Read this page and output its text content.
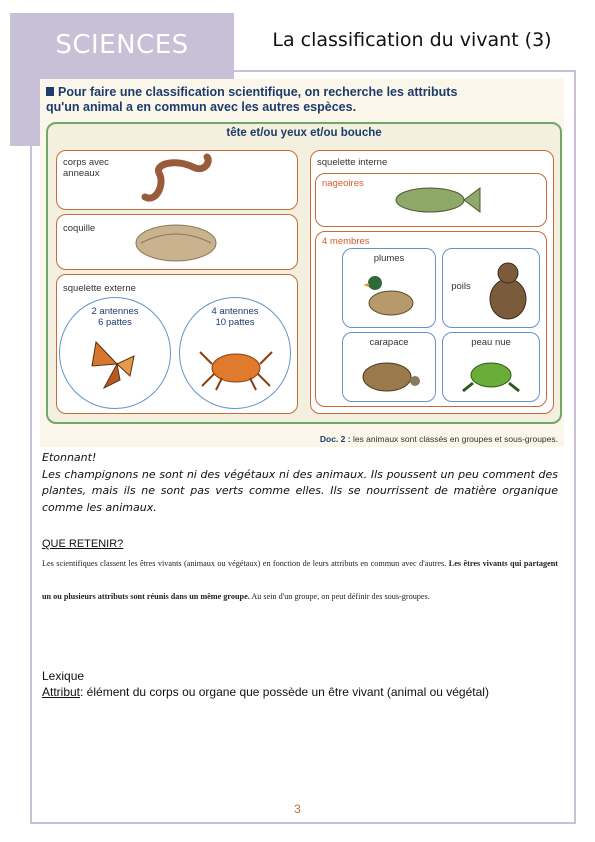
SCIENCES	La classification du vivant (3)
Pour faire une classification scientifique, on recherche les attributs
qu'un animal a en commun avec les autres espèces.
tête et/ou yeux et/ou bouche
corps avec anneaux
coquille
squelette externe
2 antennes
6 pattes
4 antennes
10 pattes
squelette interne
nageoires
4 membres
plumes
poils
carapace	peau nue
Doc. 2 : les animaux sont classés en groupes et sous-groupes.
Etonnant!
Les champignons ne sont ni des végétaux ni des animaux. Ils poussent un peu comment des plantes, mais ils ne sont pas verts comme elles. Ils se nourrissent de matière organique comme les animaux.
QUE RETENIR?
Les scientifiques classent les êtres vivants (animaux ou végétaux) en fonction de leurs attributs en commun avec d'autres. Les êtres vivants qui partagent un ou plusieurs attributs sont réunis dans un même groupe. Au sein d'un groupe, on peut définir des sous-groupes.
Lexique
Attribut: élément du corps ou organe que possède un être vivant (animal ou végétal)
3
